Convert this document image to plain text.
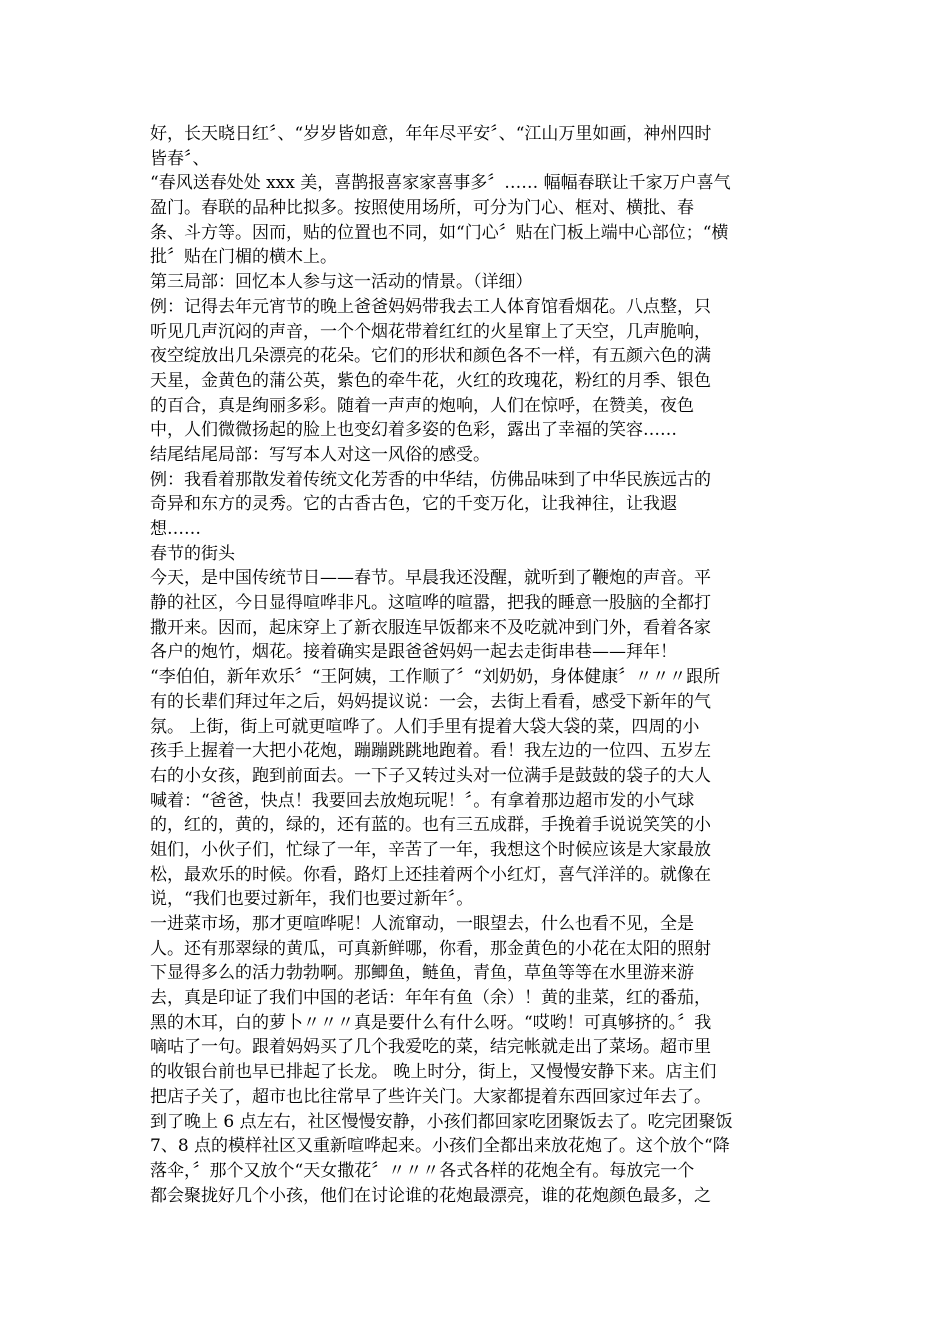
好，长天晓日红〞、“岁岁皆如意，年年尽平安〞、“江山万里如画，神州四时
皆春〞、
“春风送春处处 xxx 美，喜鹊报喜家家喜事多〞…… 幅幅春联让千家万户喜气
盈门。春联的品种比拟多。按照使用场所，可分为门心、框对、横批、春
条、斗方等。因而，贴的位置也不同，如“门心〞贴在门板上端中心部位；“横
批〞贴在门楣的横木上。
第三局部：回忆本人参与这一活动的情景。（详细）
例：记得去年元宵节的晚上爸爸妈妈带我去工人体育馆看烟花。八点整，只
听见几声沉闷的声音，一个个烟花带着红红的火星窜上了天空，几声脆响，
夜空绽放出几朵漂亮的花朵。它们的形状和颜色各不一样，有五颜六色的满
天星，金黄色的蒲公英，紫色的牵牛花，火红的玫瑰花，粉红的月季、银色
的百合，真是绚丽多彩。随着一声声的炮响，人们在惊呼，在赞美，夜色
中，人们微微扬起的脸上也变幻着多姿的色彩，露出了幸福的笑容……
结尾结尾局部：写写本人对这一风俗的感受。
例：我看着那散发着传统文化芳香的中华结，仿佛品味到了中华民族远古的
奇异和东方的灵秀。它的古香古色，它的千变万化，让我神往，让我遐
想……
春节的街头
今天，是中国传统节日——春节。早晨我还没醒，就听到了鞭炮的声音。平
静的社区，今日显得喧哗非凡。这喧哗的喧嚣，把我的睡意一股脑的全都打
撒开来。因而，起床穿上了新衣服连早饭都来不及吃就冲到门外，看着各家
各户的炮竹，烟花。接着确实是跟爸爸妈妈一起去走街串巷——拜年！
“李伯伯，新年欢乐〞“王阿姨，工作顺了〞“刘奶奶，身体健康〞〃〃〃跟所
有的长辈们拜过年之后，妈妈提议说：一会，去街上看看，感受下新年的气
氛。 上街，街上可就更喧哗了。人们手里有提着大袋大袋的菜，四周的小
孩手上握着一大把小花炮，蹦蹦跳跳地跑着。看！我左边的一位四、五岁左
右的小女孩，跑到前面去。一下子又转过头对一位满手是鼓鼓的袋子的大人
喊着：“爸爸，快点！我要回去放炮玩呢！〞。有拿着那边超市发的小气球
的，红的，黄的，绿的，还有蓝的。也有三五成群，手挽着手说说笑笑的小
姐们，小伙子们，忙绿了一年，辛苦了一年，我想这个时候应该是大家最放
松，最欢乐的时候。你看，路灯上还挂着两个小红灯，喜气洋洋的。就像在
说，“我们也要过新年，我们也要过新年〞。
一进菜市场，那才更喧哗呢！人流窜动，一眼望去，什么也看不见，全是
人。还有那翠绿的黄瓜，可真新鲜哪，你看，那金黄色的小花在太阳的照射
下显得多么的活力勃勃啊。那鲫鱼，鲢鱼，青鱼，草鱼等等在水里游来游
去，真是印证了我们中国的老话：年年有鱼（余）！黄的韭菜，红的番茄，
黑的木耳，白的萝卜〃〃〃真是要什么有什么呀。“哎哟！可真够挤的。〞我
嘀咕了一句。跟着妈妈买了几个我爱吃的菜，结完帐就走出了菜场。超市里
的收银台前也早已排起了长龙。 晚上时分，街上，又慢慢安静下来。店主们
把店子关了，超市也比往常早了些许关门。大家都提着东西回家过年去了。
到了晚上 6 点左右，社区慢慢安静，小孩们都回家吃团聚饭去了。吃完团聚饭
7、8 点的模样社区又重新喧哗起来。小孩们全都出来放花炮了。这个放个“降
落伞，〞那个又放个“天女撒花〞〃〃〃各式各样的花炮全有。每放完一个
都会聚拢好几个小孩，他们在讨论谁的花炮最漂亮，谁的花炮颜色最多，之
